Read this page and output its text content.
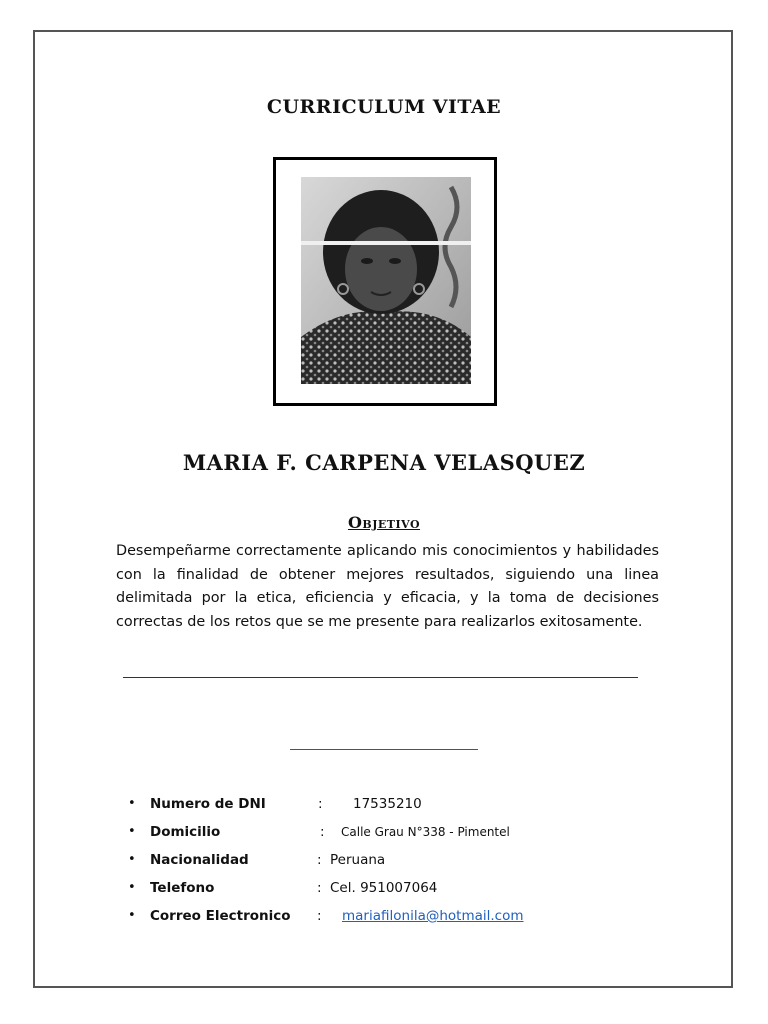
CURRICULUM VITAE
MARIA F. CARPENA VELASQUEZ
Objetivo
Desempeñarme correctamente aplicando mis conocimientos y habilidades con la finalidad de obtener mejores resultados, siguiendo una linea delimitada por la etica, eficiencia y eficacia, y la toma de decisiones correctas de los retos que se me presente para realizarlos exitosamente.
• Numero de DNI	: 17535210
• Domicilio	: Calle Grau N°338 - Pimentel
• Nacionalidad	: Peruana
• Telefono	: Cel. 951007064
• Correo Electronico : mariafilonila@hotmail.com
